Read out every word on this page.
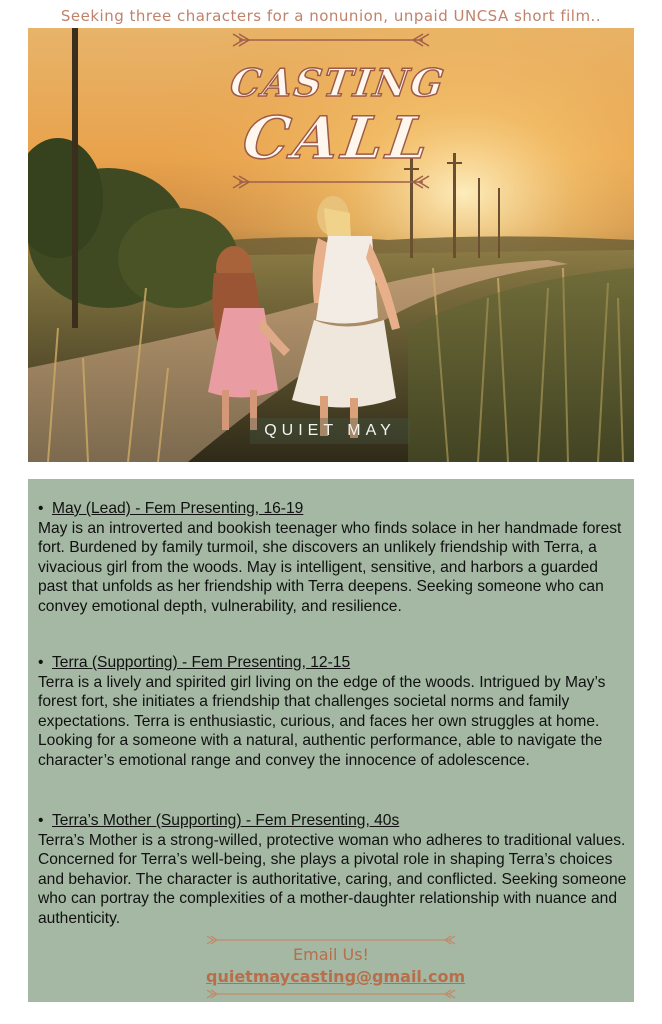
Seeking three characters for a nonunion, unpaid UNCSA short film..
CASTING
CALL
QUIET MAY
• May (Lead) - Fem Presenting, 16-19
May is an introverted and bookish teenager who finds solace in her handmade forest fort. Burdened by family turmoil, she discovers an unlikely friendship with Terra, a vivacious girl from the woods. May is intelligent, sensitive, and harbors a guarded past that unfolds as her friendship with Terra deepens. Seeking someone who can convey emotional depth, vulnerability, and resilience.
• Terra (Supporting) - Fem Presenting, 12-15
Terra is a lively and spirited girl living on the edge of the woods. Intrigued by May’s forest fort, she initiates a friendship that challenges societal norms and family expectations. Terra is enthusiastic, curious, and faces her own struggles at home. Looking for a someone with a natural, authentic performance, able to navigate the character’s emotional range and convey the innocence of adolescence.
• Terra’s Mother (Supporting) - Fem Presenting, 40s
Terra’s Mother is a strong-willed, protective woman who adheres to traditional values. Concerned for Terra’s well-being, she plays a pivotal role in shaping Terra’s choices and behavior. The character is authoritative, caring, and conflicted. Seeking someone who can portray the complexities of a mother-daughter relationship with nuance and authenticity.
Email Us!
quietmaycasting@gmail.com
